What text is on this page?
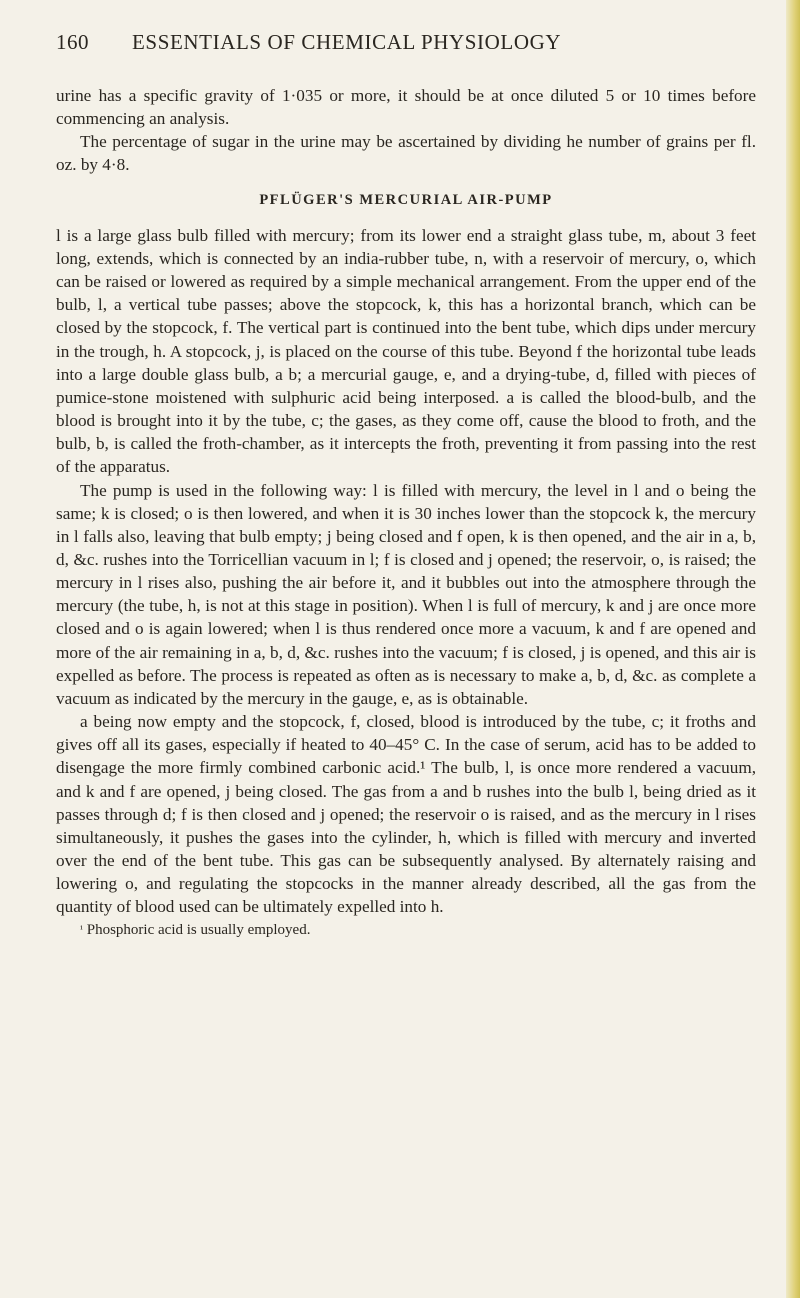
160	ESSENTIALS OF CHEMICAL PHYSIOLOGY

urine has a specific gravity of 1·035 or more, it should be at once diluted 5 or 10 times before commencing an analysis.

The percentage of sugar in the urine may be ascertained by dividing he number of grains per fl. oz. by 4·8.

PFLÜGER'S MERCURIAL AIR-PUMP

l is a large glass bulb filled with mercury; from its lower end a straight glass tube, m, about 3 feet long, extends, which is connected by an india-rubber tube, n, with a reservoir of mercury, o, which can be raised or lowered as required by a simple mechanical arrangement. From the upper end of the bulb, l, a vertical tube passes; above the stopcock, k, this has a horizontal branch, which can be closed by the stopcock, f. The vertical part is continued into the bent tube, which dips under mercury in the trough, h. A stopcock, j, is placed on the course of this tube. Beyond f the horizontal tube leads into a large double glass bulb, a b; a mercurial gauge, e, and a drying-tube, d, filled with pieces of pumice-stone moistened with sulphuric acid being interposed. a is called the blood-bulb, and the blood is brought into it by the tube, c; the gases, as they come off, cause the blood to froth, and the bulb, b, is called the froth-chamber, as it intercepts the froth, preventing it from passing into the rest of the apparatus.

The pump is used in the following way: l is filled with mercury, the level in l and o being the same; k is closed; o is then lowered, and when it is 30 inches lower than the stopcock k, the mercury in l falls also, leaving that bulb empty; j being closed and f open, k is then opened, and the air in a, b, d, &c. rushes into the Torricellian vacuum in l; f is closed and j opened; the reservoir, o, is raised; the mercury in l rises also, pushing the air before it, and it bubbles out into the atmosphere through the mercury (the tube, h, is not at this stage in position). When l is full of mercury, k and j are once more closed and o is again lowered; when l is thus rendered once more a vacuum, k and f are opened and more of the air remaining in a, b, d, &c. rushes into the vacuum; f is closed, j is opened, and this air is expelled as before. The process is repeated as often as is necessary to make a, b, d, &c. as complete a vacuum as indicated by the mercury in the gauge, e, as is obtainable.

a being now empty and the stopcock, f, closed, blood is introduced by the tube, c; it froths and gives off all its gases, especially if heated to 40–45° C. In the case of serum, acid has to be added to disengage the more firmly combined carbonic acid.¹ The bulb, l, is once more rendered a vacuum, and k and f are opened, j being closed. The gas from a and b rushes into the bulb l, being dried as it passes through d; f is then closed and j opened; the reservoir o is raised, and as the mercury in l rises simultaneously, it pushes the gases into the cylinder, h, which is filled with mercury and inverted over the end of the bent tube. This gas can be subsequently analysed. By alternately raising and lowering o, and regulating the stopcocks in the manner already described, all the gas from the quantity of blood used can be ultimately expelled into h.

$^{^1}$ Phosphoric acid is usually employed.
